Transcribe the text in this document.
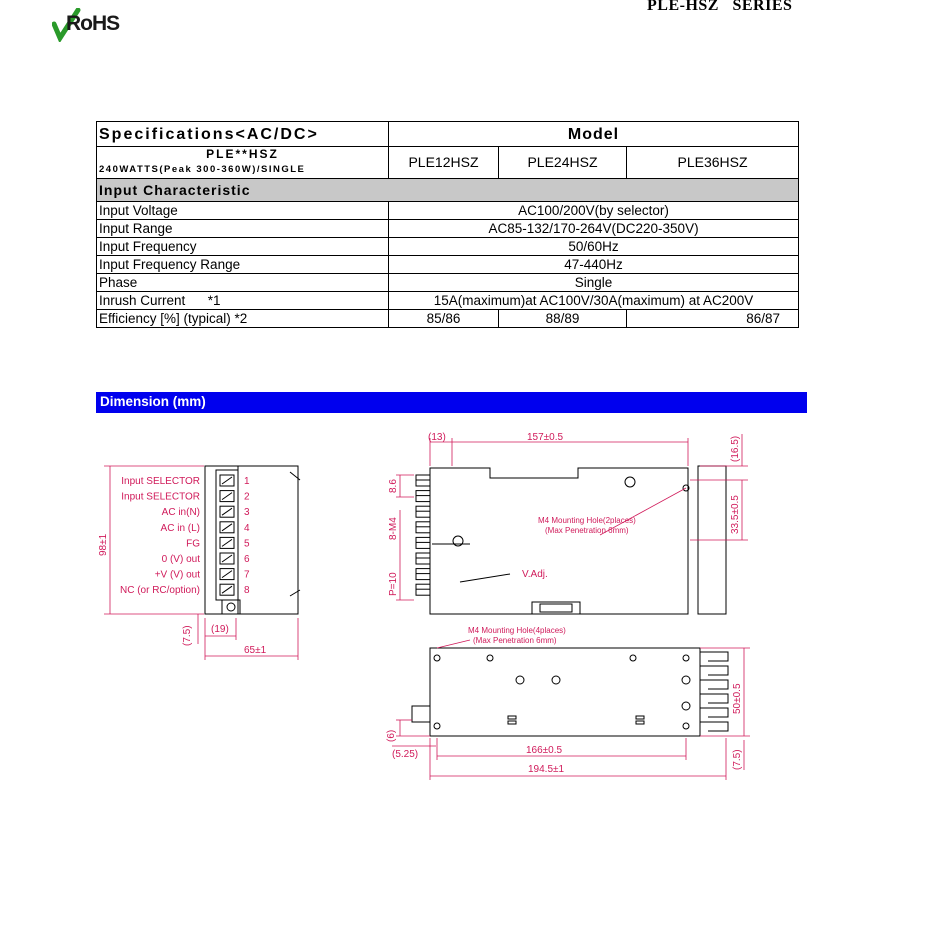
RoHS
PLE-HSZ   SERIES
Specifications<AC/DC>	Model		
PLE**HSZ	PLE12HSZ	PLE24HSZ	PLE36HSZ
240WATTS(Peak 300-360W)/SINGLE			
Input Characteristic			
Input Voltage	AC100/200V(by selector)		
Input Range	AC85-132/170-264V(DC220-350V)		
Input Frequency	50/60Hz		
Input Frequency Range	47-440Hz		
Phase	Single		
Inrush Current      *1	15A(maximum)at AC100V/30A(maximum) at AC200V		
Efficiency [%] (typical) *2	85/86	88/89	86/87
Dimension (mm)
98±1
(7.5) (19)
65±1
Input SELECTOR	1
Input SELECTOR	2
AC in(N)	3
AC in (L)	4
FG	5
0 (V) out	6
+V (V) out	7
NC (or RC/option)	8
(13)	157±0.5	(16.5)
33.5±0.5
8.6
8-M4
P=10
M4 Mounting Hole(2places)
(Max Penetration 6mm)
V.Adj.
M4 Mounting Hole(4places)
(Max Penetration 6mm)
50±0.5
(6)
(5.25)	166±0.5
194.5±1	(7.5)
